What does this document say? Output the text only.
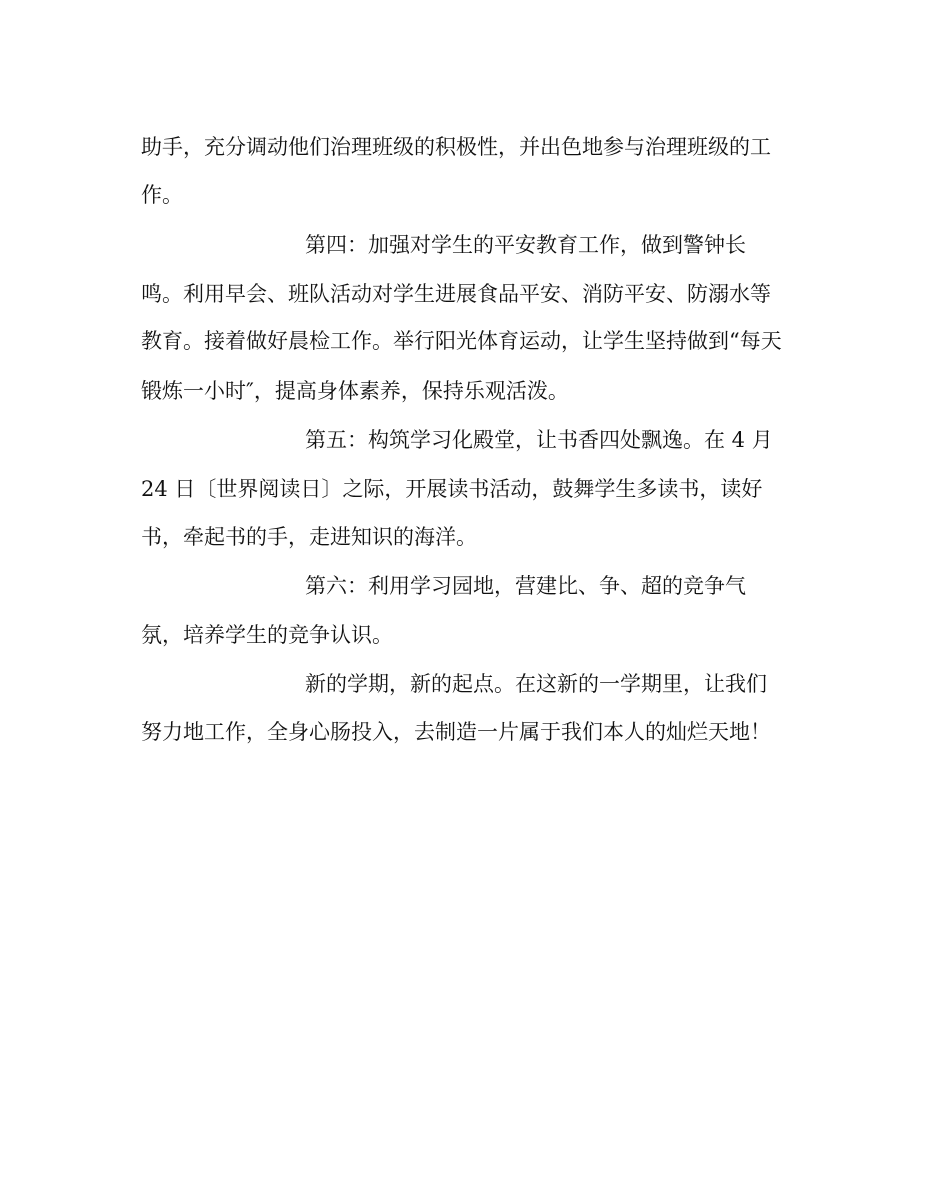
助手，充分调动他们治理班级的积极性，并出色地参与治理班级的工

作。

第四：加强对学生的平安教育工作，做到警钟长

鸣。利用早会、班队活动对学生进展食品平安、消防平安、防溺水等

教育。接着做好晨检工作。举行阳光体育运动，让学生坚持做到“每天

锻炼一小时″，提高身体素养，保持乐观活泼。

第五：构筑学习化殿堂，让书香四处飘逸。在 4 月

24 日〔世界阅读日〕之际，开展读书活动，鼓舞学生多读书，读好

书，牵起书的手，走进知识的海洋。

第六：利用学习园地，营建比、争、超的竞争气

氛，培养学生的竞争认识。

新的学期，新的起点。在这新的一学期里，让我们

努力地工作，全身心肠投入，去制造一片属于我们本人的灿烂天地！
